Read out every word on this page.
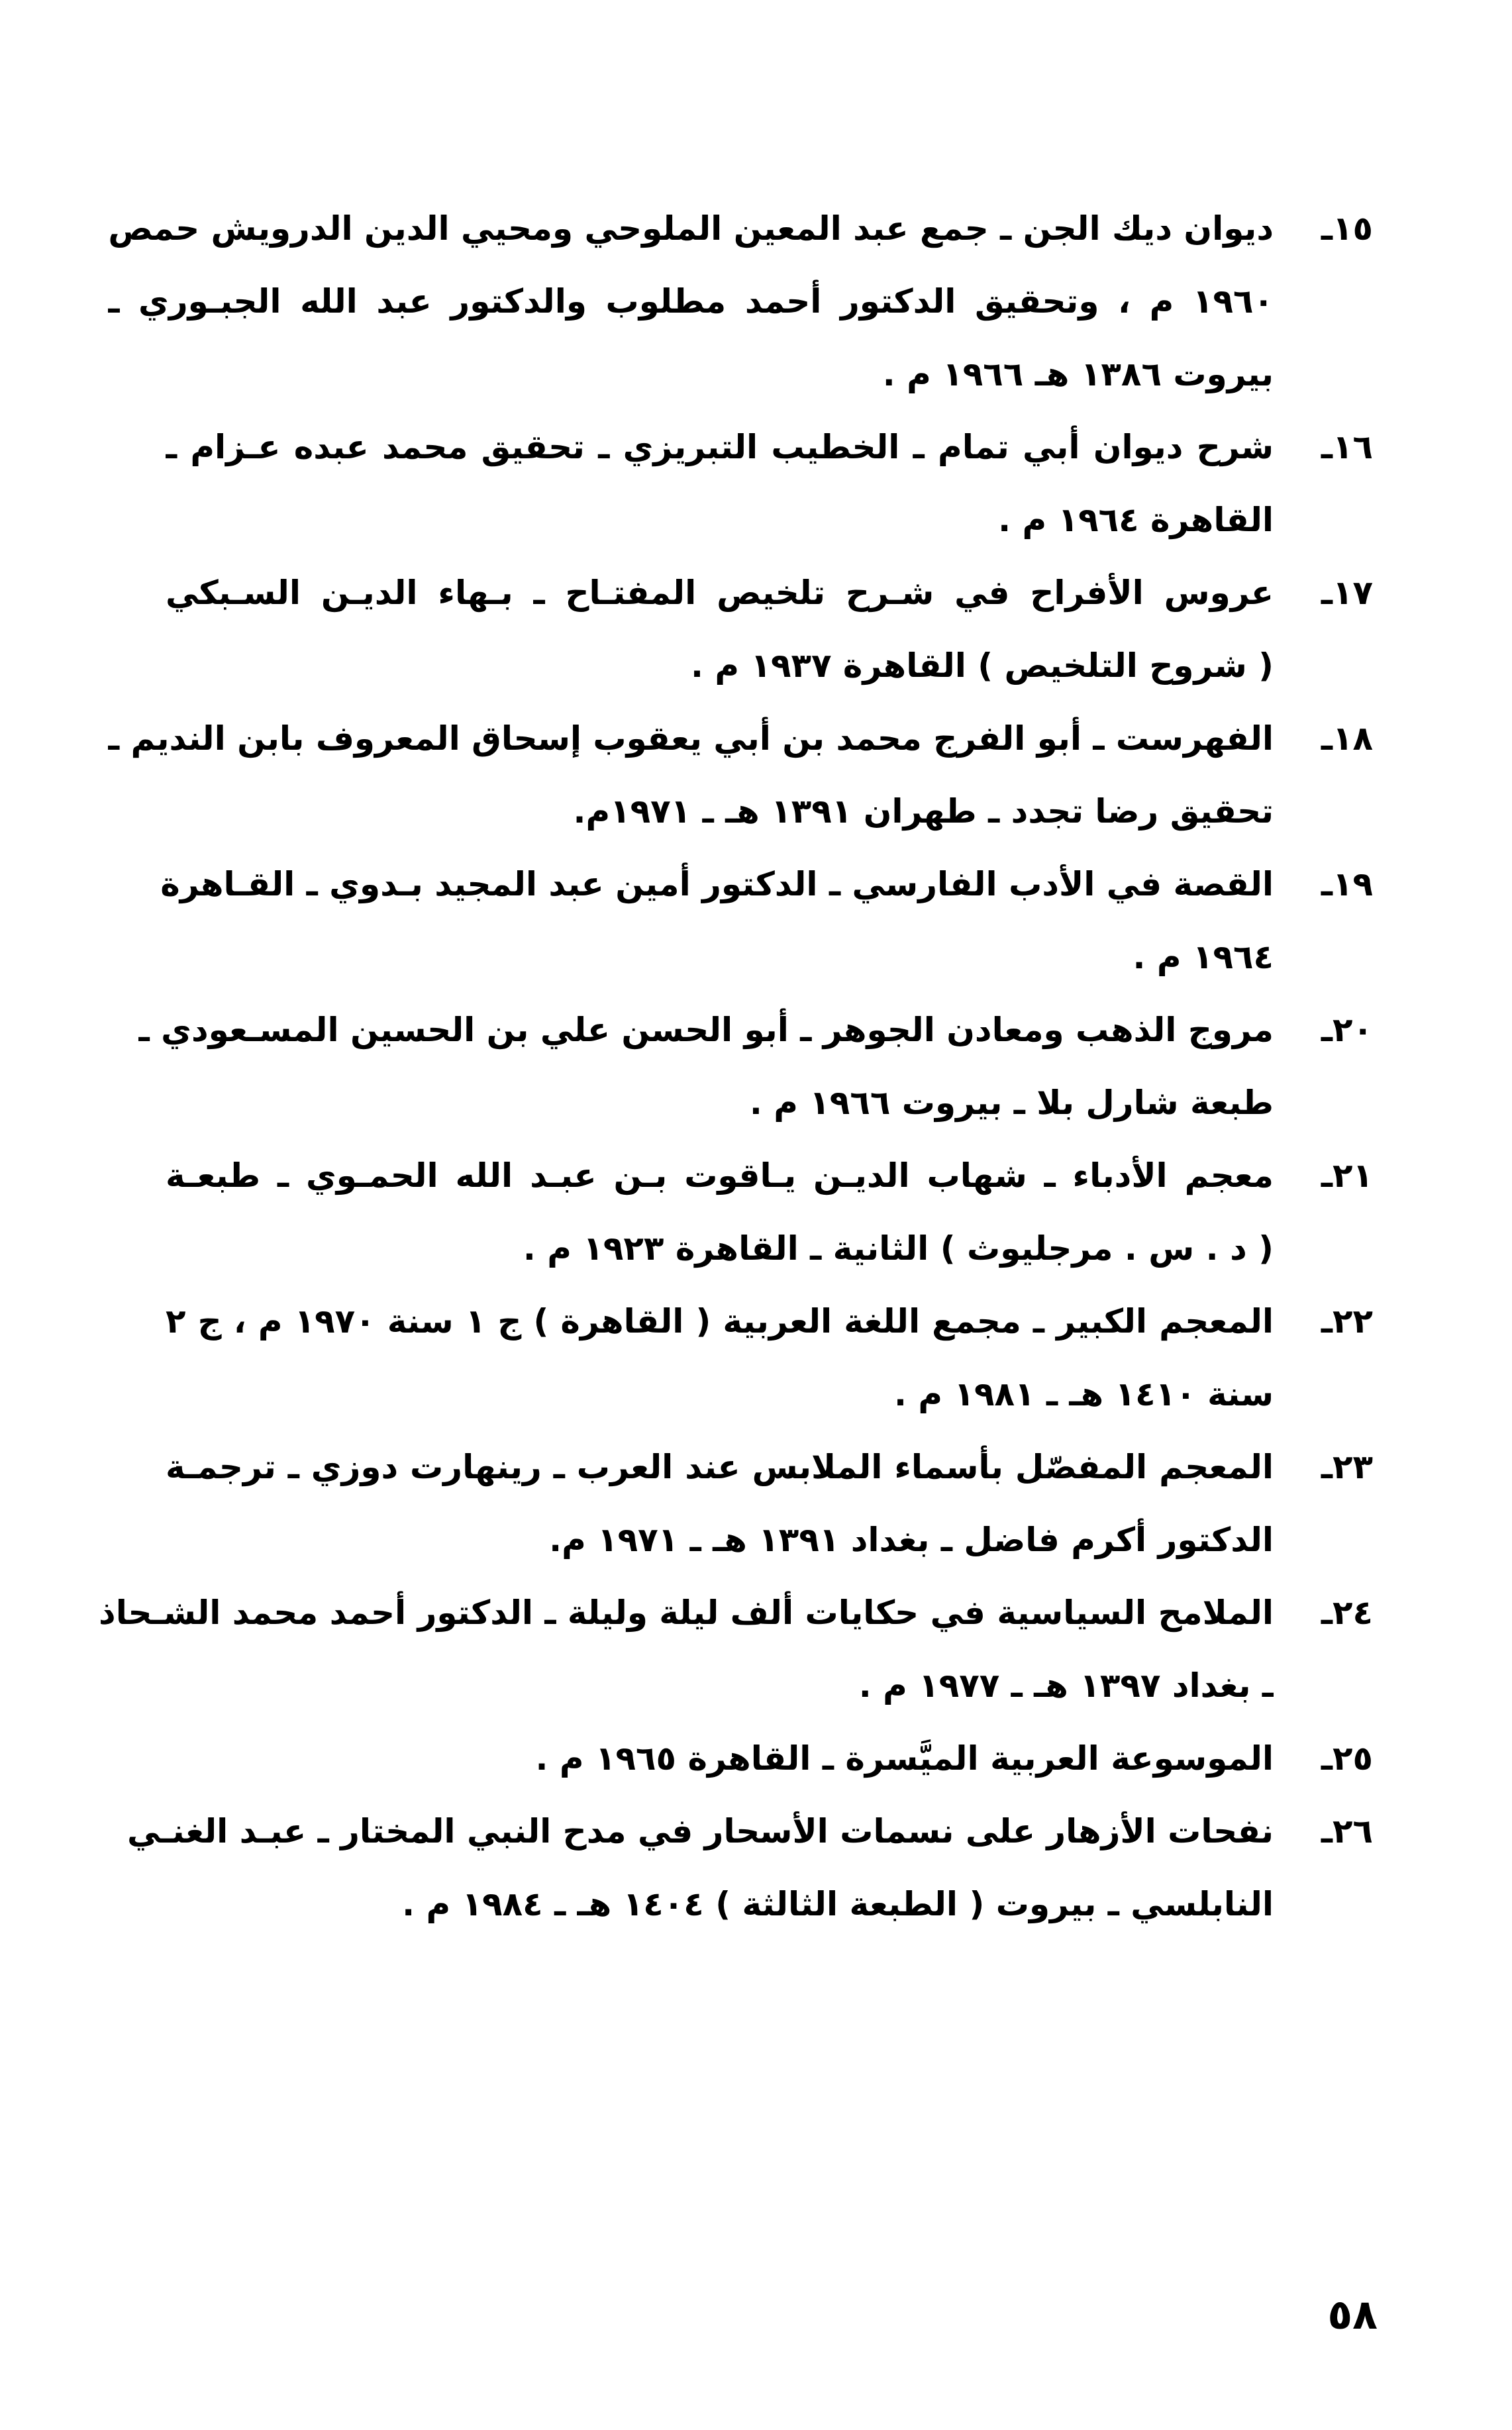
١٥ـ
ديوان ديك الجن ـ جمع عبد المعين الملوحي ومحيي الدين الدرويش حمص
١٩٦٠ م ، وتحقيق الدكتور أحمد مطلوب والدكتور عبد الله الجبـوري ـ
بيروت ١٣٨٦ هـ ١٩٦٦ م .
١٦ـ
شرح ديوان أبي تمام ـ الخطيب التبريزي ـ تحقيق محمد عبده عـزام ـ
القاهرة ١٩٦٤ م .
١٧ـ
عروس الأفراح في شـرح تلخيص المفتـاح ـ بـهاء الديـن السـبكي
( شروح التلخيص ) القاهرة ١٩٣٧ م .
١٨ـ
الفهرست ـ أبو الفرج محمد بن أبي يعقوب إسحاق المعروف بابن النديم ـ
تحقيق رضا تجدد ـ طهران ١٣٩١ هـ ـ ١٩٧١م.
١٩ـ
القصة في الأدب الفارسي ـ الدكتور أمين عبد المجيد بـدوي ـ القـاهرة
١٩٦٤ م .
٢٠ـ
مروج الذهب ومعادن الجوهر ـ أبو الحسن علي بن الحسين المسـعودي ـ
طبعة شارل بلا ـ بيروت ١٩٦٦ م .
٢١ـ
معجم الأدباء ـ شهاب الديـن يـاقوت بـن عبـد الله الحمـوي ـ طبعـة
( د . س . مرجليوث ) الثانية ـ القاهرة ١٩٢٣ م .
٢٢ـ
المعجم الكبير ـ مجمع اللغة العربية ( القاهرة ) ج ١ سنة ١٩٧٠ م ، ج ٢
سنة ١٤١٠ هـ ـ ١٩٨١ م .
٢٣ـ
المعجم المفصّل بأسماء الملابس عند العرب ـ رينهارت دوزي ـ ترجمـة
الدكتور أكرم فاضل ـ بغداد ١٣٩١ هـ ـ ١٩٧١ م.
٢٤ـ
الملامح السياسية في حكايات ألف ليلة وليلة ـ الدكتور أحمد محمد الشـحاذ
ـ بغداد ١٣٩٧ هـ ـ ١٩٧٧ م .
٢٥ـ
الموسوعة العربية الميَّسرة ـ القاهرة ١٩٦٥ م .
٢٦ـ
نفحات الأزهار على نسمات الأسحار في مدح النبي المختار ـ عبـد الغنـي
النابلسي ـ بيروت ( الطبعة الثالثة ) ١٤٠٤ هـ ـ ١٩٨٤ م .
٥٨
